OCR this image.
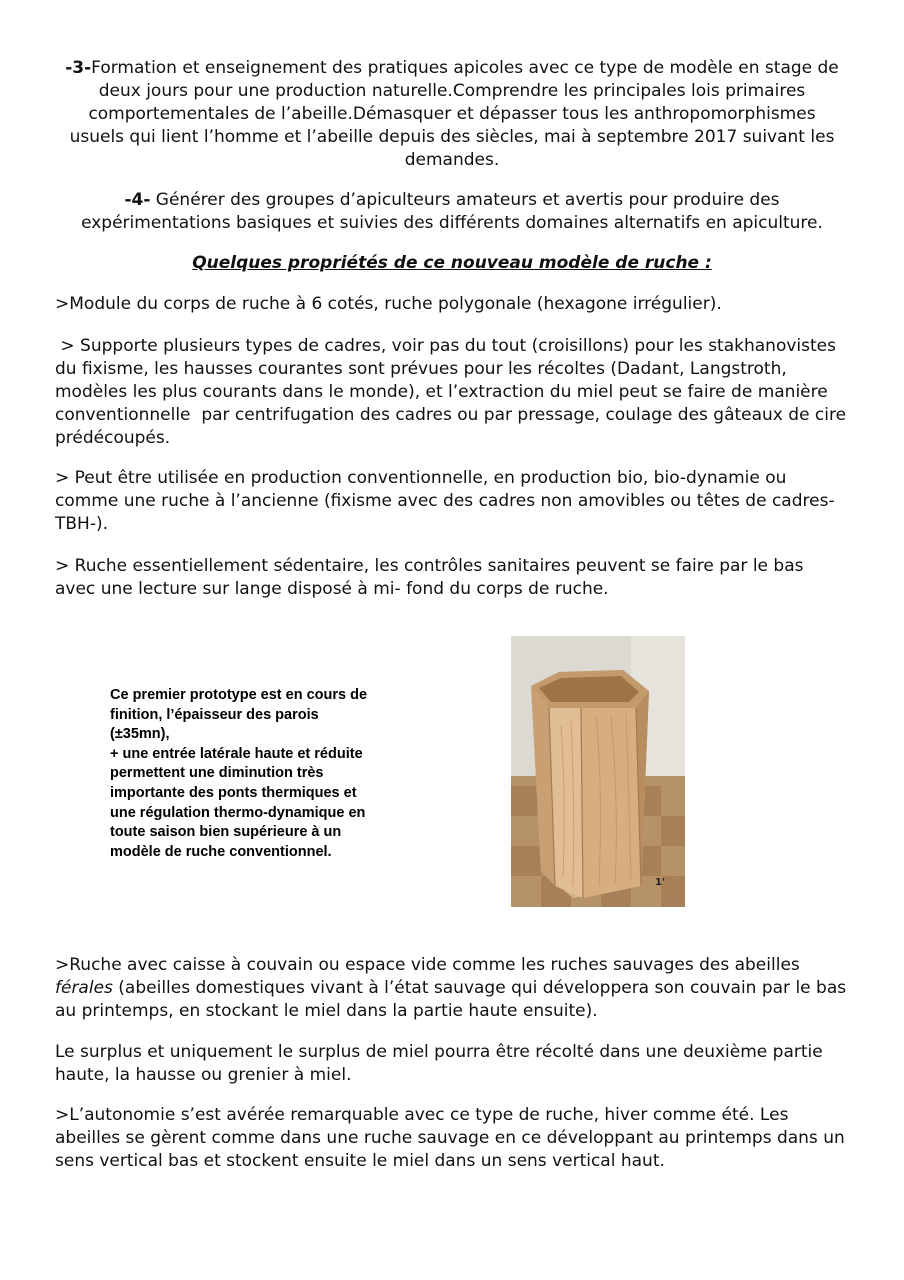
-3-Formation et enseignement des pratiques apicoles avec ce type de modèle en stage de deux jours pour une production naturelle.Comprendre les principales lois primaires comportementales de l’abeille.Démasquer et dépasser tous les anthropomorphismes usuels qui lient l’homme et l’abeille depuis des siècles, mai à septembre 2017 suivant les demandes.

-4- Générer des groupes d’apiculteurs amateurs et avertis pour produire des expérimentations basiques et suivies des différents domaines alternatifs en apiculture.

Quelques propriétés de ce nouveau modèle de ruche :

>Module du corps de ruche à 6 cotés, ruche polygonale (hexagone irrégulier).

> Supporte plusieurs types de cadres, voir pas du tout (croisillons) pour les stakhanovistes du fixisme, les hausses courantes sont prévues pour les récoltes (Dadant, Langstroth, modèles les plus courants dans le monde), et l’extraction du miel peut se faire de manière conventionnelle  par centrifugation des cadres ou par pressage, coulage des gâteaux de cire prédécoupés.

> Peut être utilisée en production conventionnelle, en production bio, bio-dynamie ou comme une ruche à l’ancienne (fixisme avec des cadres non amovibles ou têtes de cadres-TBH-).

> Ruche essentiellement sédentaire, les contrôles sanitaires peuvent se faire par le bas avec une lecture sur lange disposé à mi- fond du corps de ruche.

Ce premier prototype est en cours de finition, l’épaisseur des parois (±35mn),
+ une entrée latérale haute et réduite permettent une diminution très importante des ponts thermiques et une régulation thermo-dynamique en toute saison bien supérieure à un modèle de ruche conventionnel.

1'

>Ruche avec caisse à couvain ou espace vide comme les ruches sauvages des abeilles férales (abeilles domestiques vivant à l’état sauvage qui développera son couvain par le bas au printemps, en stockant le miel dans la partie haute ensuite).

Le surplus et uniquement le surplus de miel pourra être récolté dans une deuxième partie haute, la hausse ou grenier à miel.

>L’autonomie s’est avérée remarquable avec ce type de ruche, hiver comme été. Les abeilles se gèrent comme dans une ruche sauvage en ce développant au printemps dans un sens vertical bas et stockent ensuite le miel dans un sens vertical haut.
